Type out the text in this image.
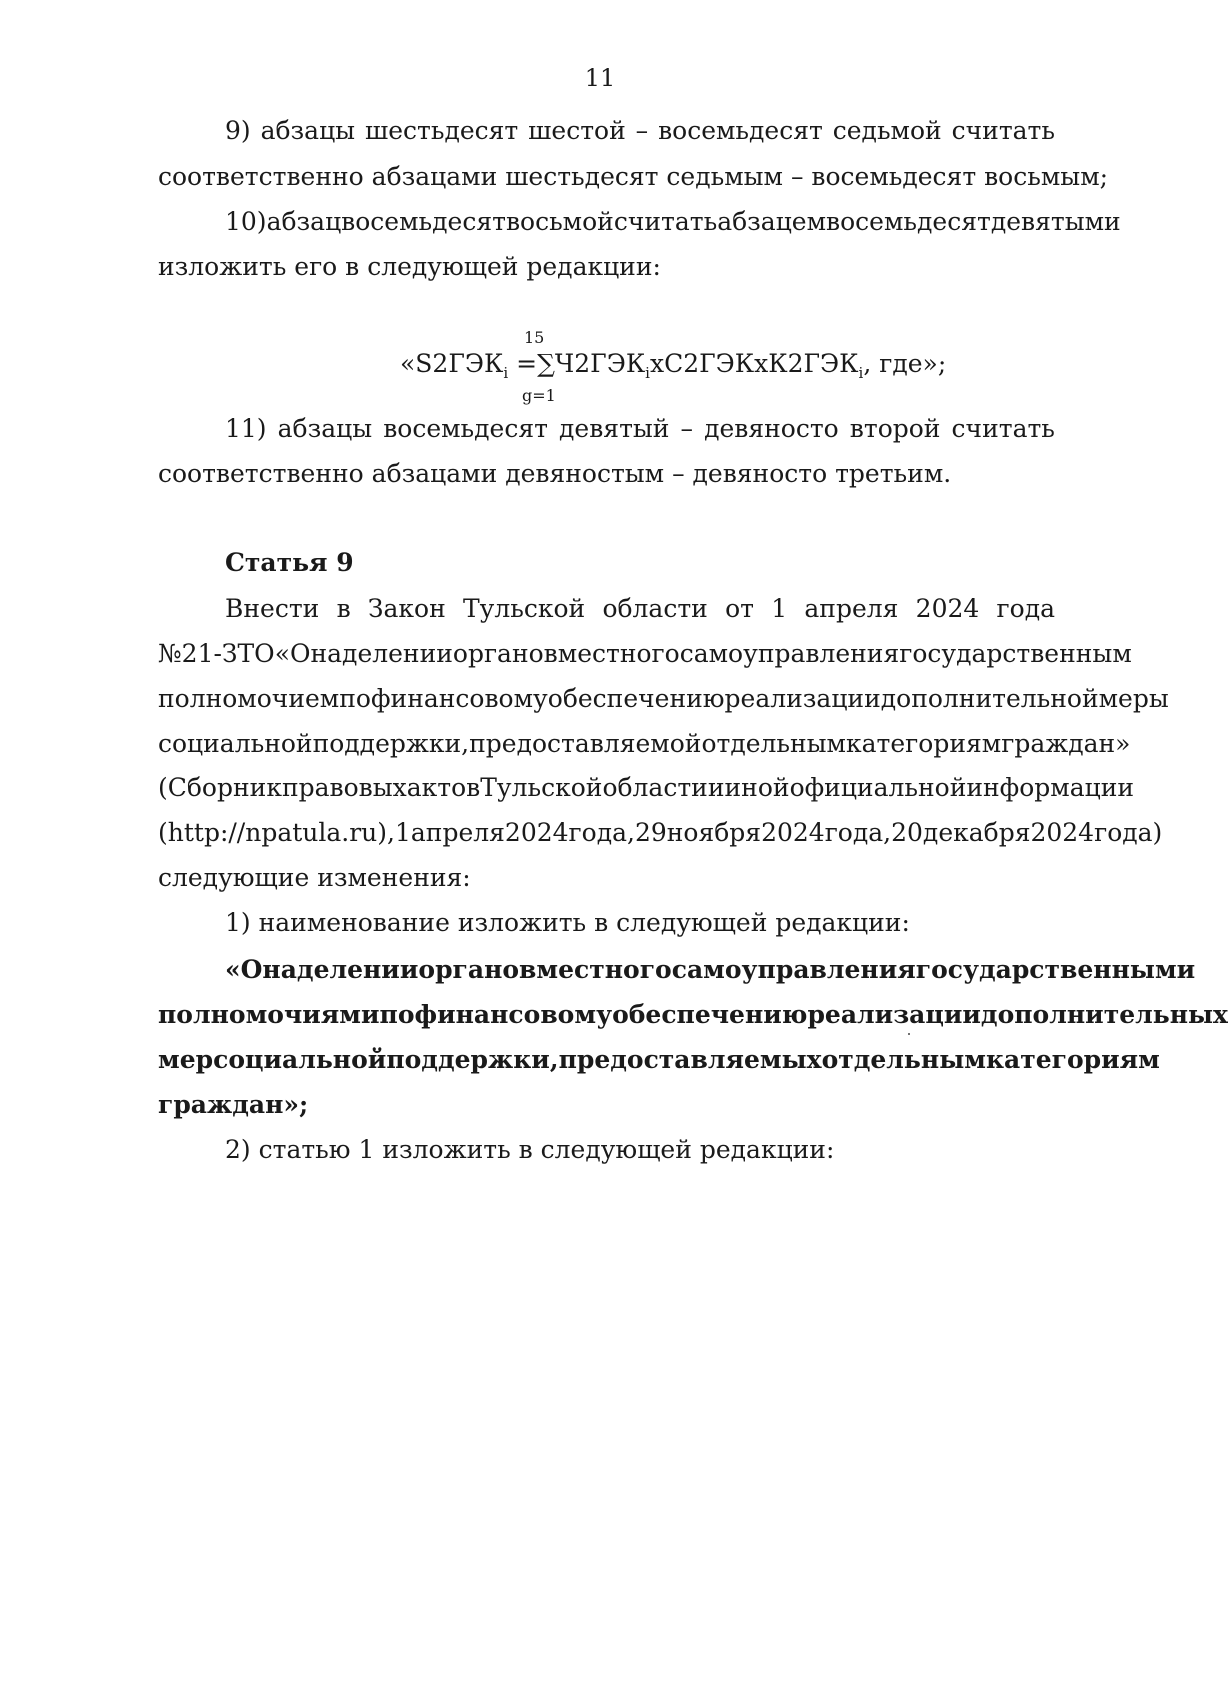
11
9) абзацы шестьдесят шестой – восемьдесят седьмой считать
соответственно абзацами шестьдесят седьмым – восемьдесят восьмым;
10) абзац восемьдесят восьмой считать абзацем восемьдесят девятым и
изложить его в следующей редакции:
15
«$S2ГЭК_i$ $=\sum Ч2ГЭК_iхС2ГЭКхК2ГЭК_i$, где»;
g=1
11) абзацы восемьдесят девятый – девяносто второй считать
соответственно абзацами девяностым – девяносто третьим.
Статья 9
Внести в Закон Тульской области от 1 апреля 2024 года
№ 21-ЗТО «О наделении органов местного самоуправления государственным
полномочием по финансовому обеспечению реализации дополнительной меры
социальной поддержки, предоставляемой отдельным категориям граждан»
(Сборник правовых актов Тульской области и иной официальной информации
(http://npatula.ru), 1 апреля 2024 года, 29 ноября 2024 года, 20 декабря 2024 года)
следующие изменения:
1) наименование изложить в следующей редакции:
«О наделении органов местного самоуправления государственными
полномочиями по финансовому обеспечению реализации дополнительных
мер социальной поддержки, предоставляемых отдельным категориям
граждан»;
2) статью 1 изложить в следующей редакции:
